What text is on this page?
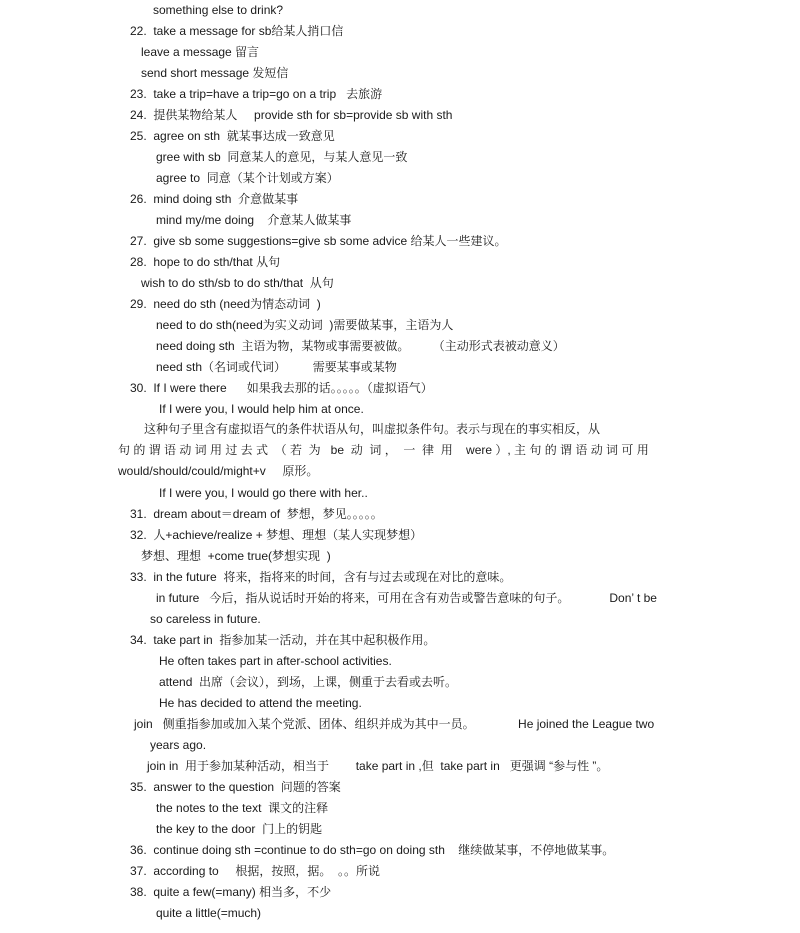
something else to drink?
22.  take a message for sb给某人捎口信
leave a message 留言
send short message 发短信
23.  take a trip=have a trip=go on a trip   去旅游
24.  提供某物给某人     provide sth for sb=provide sb with sth
25.  agree on sth  就某事达成一致意见
gree with sb  同意某人的意见，与某人意见一致
agree to  同意（某个计划或方案）
26.  mind doing sth  介意做某事
mind my/me doing    介意某人做某事
27.  give sb some suggestions=give sb some advice 给某人一些建议。
28.  hope to do sth/that 从句
wish to do sth/sb to do sth/that  从句
29.  need do sth (need为情态动词  )
need to do sth(need为实义动词  )需要做某事，主语为人
need doing sth  主语为物，某物或事需要被做。       （主动形式表被动意义）
need sth（名词或代词）        需要某事或某物
30.  If I were there      如果我去那的话。。。。。（虚拟语气）
If I were you, I would help him at once.
这种句子里含有虚拟语气的条件状语从句，叫虚拟条件句。表示与现在的事实相反，从
句 的 谓 语 动 词 用 过 去 式  （ 若  为   be  动  词 ，  一  律  用    were ）, 主 句 的 谓 语 动 词 可 用
would/should/could/might+v     原形。
If I were you, I would go there with her..
31.  dream about＝dream of  梦想，梦见。。。。。
32.  人+achieve/realize + 梦想、理想（某人实现梦想）
梦想、理想  +come true(梦想实现  )
33.  in the future  将来，指将来的时间，含有与过去或现在对比的意味。
in future   今后，指从说话时开始的将来，可用在含有劝告或警告意味的句子。            Don’ t be
so careless in future.
34.  take part in  指参加某一活动，并在其中起积极作用。
He often takes part in after-school activities.
attend  出席（会议），到场，上课，侧重于去看或去听。
He has decided to attend the meeting.
join   侧重指参加或加入某个党派、团体、组织并成为其中一员。             He joined the League two
years ago.
join in  用于参加某种活动，相当于        take part in ,但  take part in   更强调 “参与性 ”。
35.  answer to the question  问题的答案
the notes to the text  课文的注释
the key to the door  门上的钥匙
36.  continue doing sth =continue to do sth=go on doing sth    继续做某事，不停地做某事。
37.  according to     根据，按照，据。  。。所说
38.  quite a few(=many) 相当多，不少
quite a little(=much)
